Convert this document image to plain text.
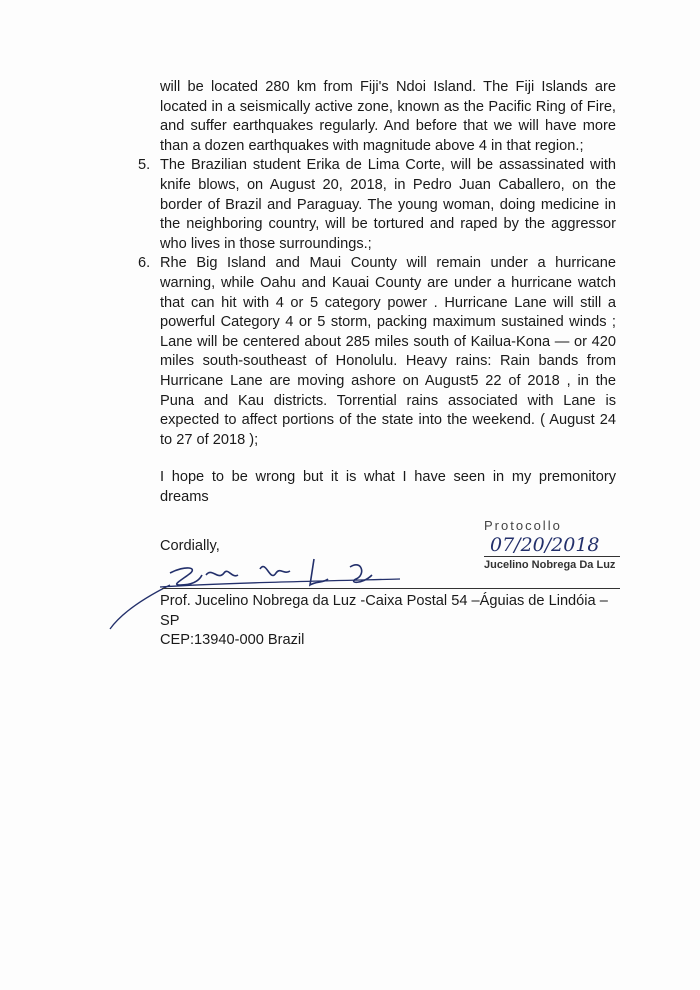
will be located 280 km from Fiji's Ndoi Island. The Fiji Islands are located in a seismically active zone, known as the Pacific Ring of Fire, and suffer earthquakes regularly. And before that we will have more than a dozen earthquakes with magnitude above 4 in that region.;

5. The Brazilian student Erika de Lima Corte, will be assassinated with knife blows, on August 20, 2018, in Pedro Juan Caballero, on the border of Brazil and Paraguay. The young woman, doing medicine in the neighboring country, will be tortured and raped by the aggressor who lives in those surroundings.;

6. Rhe Big Island and Maui County will remain under a hurricane warning, while Oahu and Kauai County are under a hurricane watch that can hit with 4 or 5 category power . Hurricane Lane will still a powerful Category 4 or 5 storm, packing maximum sustained winds ; Lane will be centered about 285 miles south of Kailua-Kona — or 420 miles south-southeast of Honolulu. Heavy rains: Rain bands from Hurricane Lane are moving ashore on August5 22 of 2018 , in the Puna and Kau districts. Torrential rains associated with Lane is expected to affect portions of the state into the weekend. ( August 24 to 27 of 2018 );

I hope to be wrong but it is what I have seen in my premonitory dreams

Cordially,
Prof. Jucelino Nobrega da Luz -Caixa Postal 54 –Águias de Lindóia –SP
CEP:13940-000 Brazil
Protocollo
07/20/2018
Jucelino Nobrega Da Luz
